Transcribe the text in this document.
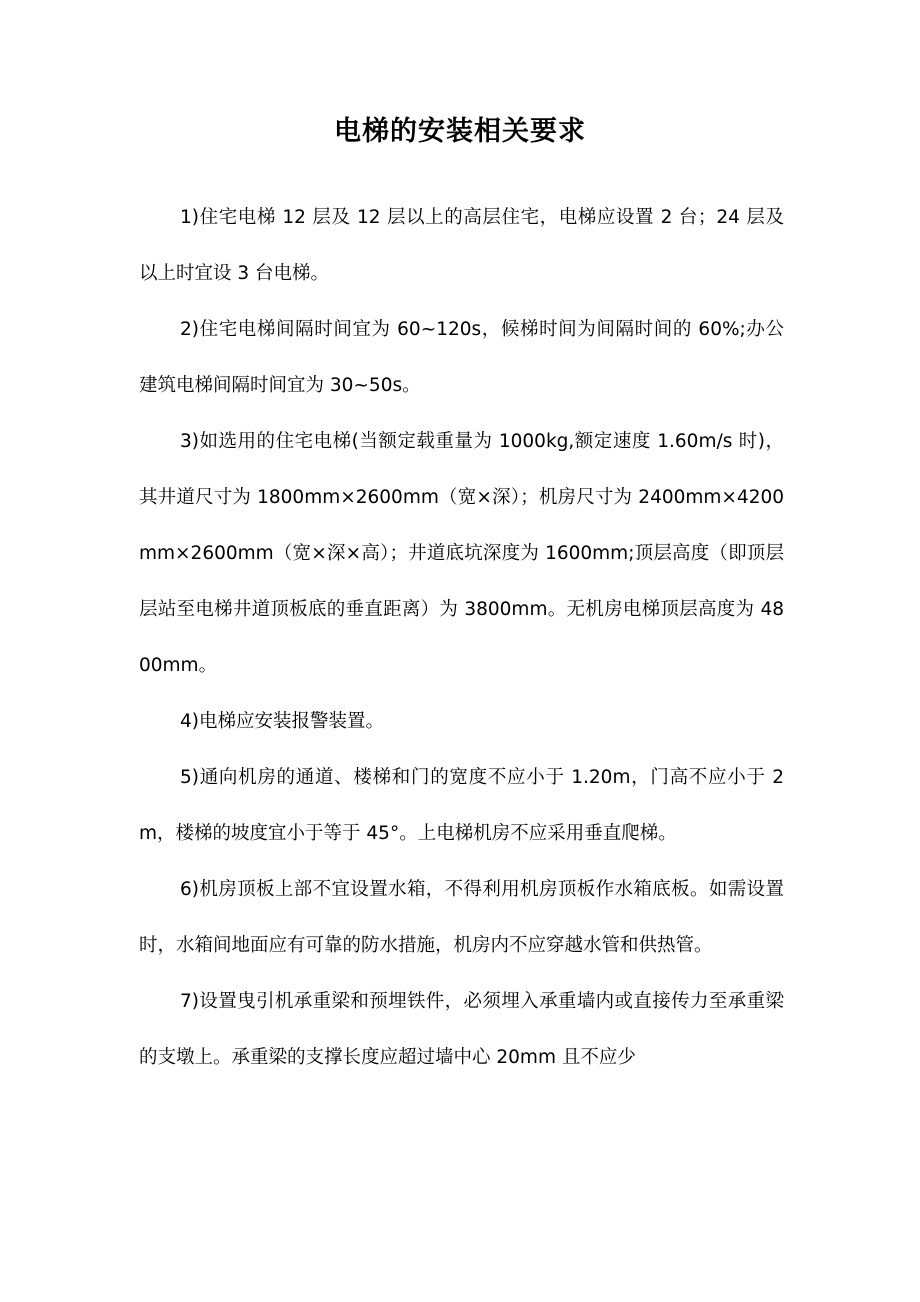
电梯的安装相关要求

1)住宅电梯 12 层及 12 层以上的高层住宅，电梯应设置 2 台；24 层及以上时宜设 3 台电梯。

2)住宅电梯间隔时间宜为 60~120s，候梯时间为间隔时间的 60%;办公建筑电梯间隔时间宜为 30~50s。

3)如选用的住宅电梯(当额定载重量为 1000kg,额定速度 1.60m/s 时)，其井道尺寸为 1800mm×2600mm（宽×深）；机房尺寸为 2400mm×4200mm×2600mm（宽×深×高）；井道底坑深度为 1600mm;顶层高度（即顶层层站至电梯井道顶板底的垂直距离）为 3800mm。无机房电梯顶层高度为 4800mm。

4)电梯应安装报警装置。

5)通向机房的通道、楼梯和门的宽度不应小于 1.20m，门高不应小于 2m，楼梯的坡度宜小于等于 45°。上电梯机房不应采用垂直爬梯。

6)机房顶板上部不宜设置水箱，不得利用机房顶板作水箱底板。如需设置时，水箱间地面应有可靠的防水措施，机房内不应穿越水管和供热管。

7)设置曳引机承重梁和预埋铁件，必须埋入承重墙内或直接传力至承重梁的支墩上。承重梁的支撑长度应超过墙中心 20mm 且不应少
